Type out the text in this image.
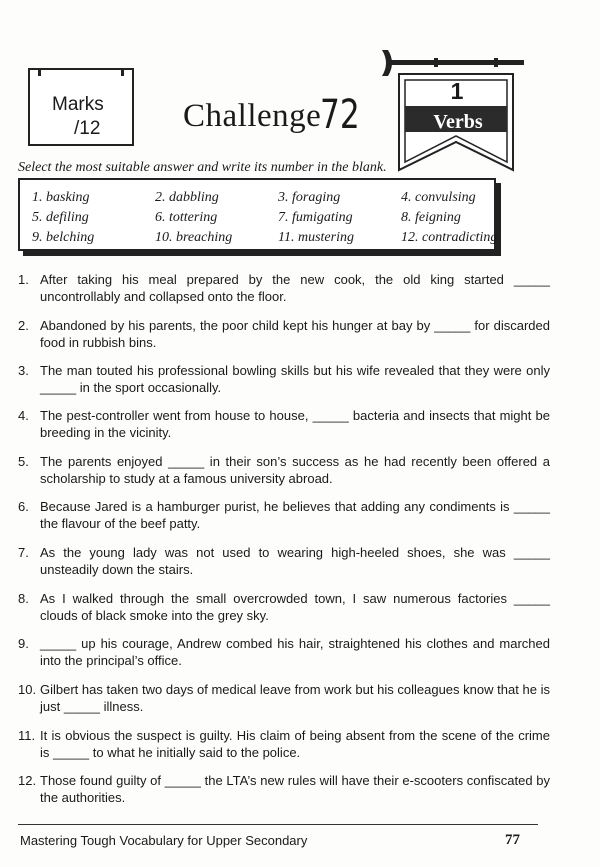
Marks
/12	Challenge
72
1
Verbs
Select the most suitable answer and write its number in the blank.
1. basking	2. dabbling	3. foraging	4. convulsing
5. defiling	6. tottering	7. fumigating	8. feigning
9. belching	10. breaching	11. mustering	12. contradicting
1. After taking his meal prepared by the new cook, the old king started _____ uncontrollably and collapsed onto the floor.
2. Abandoned by his parents, the poor child kept his hunger at bay by _____ for discarded food in rubbish bins.
3. The man touted his professional bowling skills but his wife revealed that they were only _____ in the sport occasionally.
4. The pest-controller went from house to house, _____ bacteria and insects that might be breeding in the vicinity.
5. The parents enjoyed _____ in their son’s success as he had recently been offered a scholarship to study at a famous university abroad.
6. Because Jared is a hamburger purist, he believes that adding any condiments is _____ the flavour of the beef patty.
7. As the young lady was not used to wearing high-heeled shoes, she was _____ unsteadily down the stairs.
8. As I walked through the small overcrowded town, I saw numerous factories _____ clouds of black smoke into the grey sky.
9. _____ up his courage, Andrew combed his hair, straightened his clothes and marched into the principal’s office.
10. Gilbert has taken two days of medical leave from work but his colleagues know that he is just _____ illness.
11. It is obvious the suspect is guilty. His claim of being absent from the scene of the crime is _____ to what he initially said to the police.
12. Those found guilty of _____ the LTA’s new rules will have their e-scooters confiscated by the authorities.
Mastering Tough Vocabulary for Upper Secondary	77
